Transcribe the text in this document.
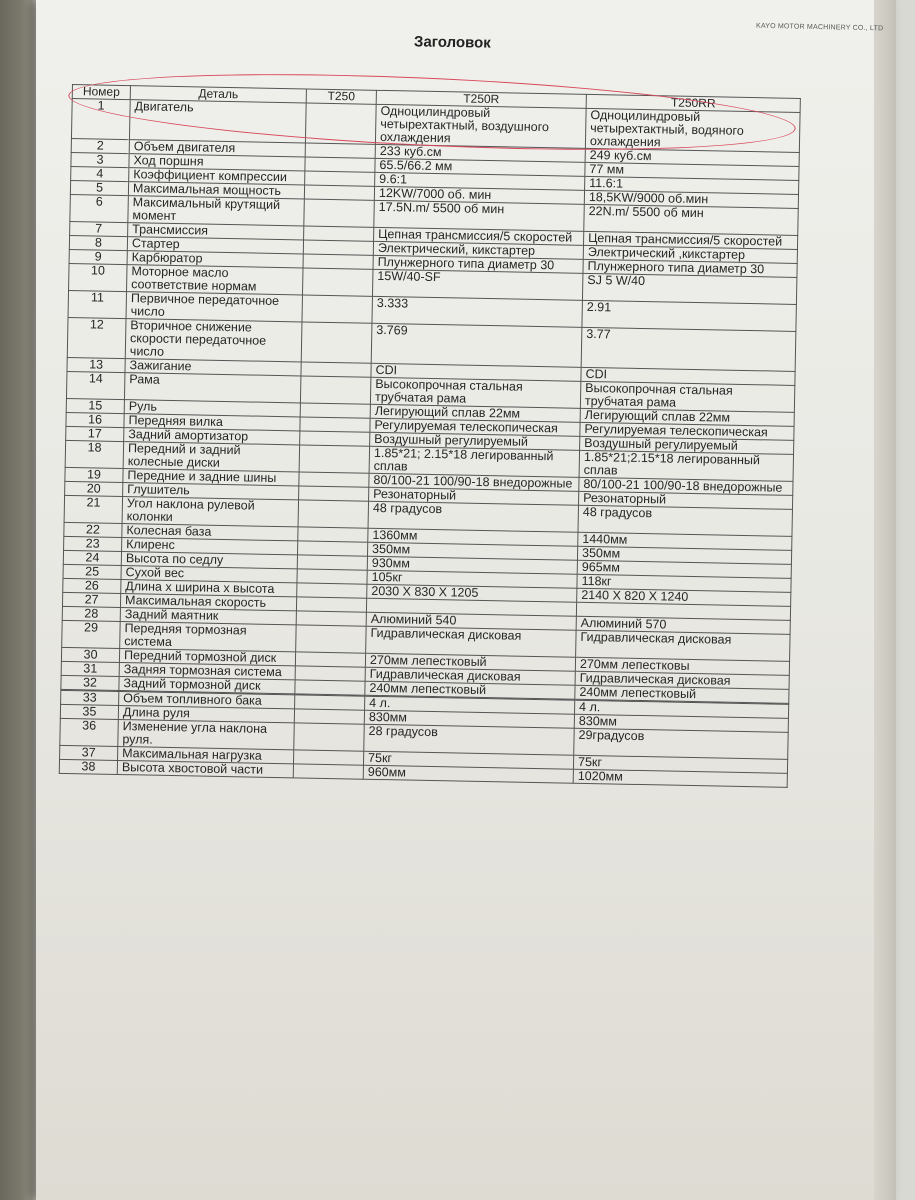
KAYO MOTOR MACHINERY CO., LTD
Заголовок
Номер	Деталь	T250	T250R	T250RR
1	Двигатель		Одноцилиндровый четырехтактный, воздушного охлаждения	Одноцилиндровый четырехтактный, водяного охлаждения
2	Объем двигателя		233 куб.см	249 куб.см
3	Ход поршня		65.5/66.2 мм	77 мм
4	Коэффициент компрессии		9.6:1	11.6:1
5	Максимальная мощность		12KW/7000 об. мин	18,5KW/9000 об.мин
6	Максимальный крутящий момент		17.5N.m/ 5500 об мин	22N.m/ 5500 об мин
7	Трансмиссия		Цепная трансмиссия/5 скоростей	Цепная трансмиссия/5 скоростей
8	Стартер		Электрический, кикстартер	Электрический ,кикстартер
9	Карбюратор		Плунжерного типа диаметр 30	Плунжерного типа диаметр 30
10	Моторное масло соответствие нормам		15W/40-SF	SJ 5 W/40
11	Первичное передаточное число		3.333	2.91
12	Вторичное снижение скорости передаточное число		3.769	3.77
13	Зажигание		CDI	CDI
14	Рама		Высокопрочная стальная трубчатая рама	Высокопрочная стальная трубчатая рама
15	Руль		Легирующий сплав 22мм	Легирующий сплав 22мм
16	Передняя вилка		Регулируемая телескопическая	Регулируемая телескопическая
17	Задний амортизатор		Воздушный регулируемый	Воздушный регулируемый
18	Передний и задний колесные диски		1.85*21; 2.15*18 легированный сплав	1.85*21;2.15*18 легированный сплав
19	Передние и задние шины		80/100-21 100/90-18 внедорожные	80/100-21 100/90-18 внедорожные
20	Глушитель		Резонаторный	Резонаторный
21	Угол наклона рулевой колонки		48 градусов	48 градусов
22	Колесная база		1360мм	1440мм
23	Клиренс		350мм	350мм
24	Высота по седлу		930мм	965мм
25	Сухой вес		105кг	118кг
26	Длина х ширина х высота		2030 X 830 X 1205	2140 X 820 X 1240
27	Максимальная скорость			
28	Задний маятник		Алюминий 540	Алюминий 570
29	Передняя тормозная система		Гидравлическая дисковая	Гидравлическая дисковая
30	Передний тормозной диск		270мм лепестковый	270мм лепестковы
31	Задняя тормозная система		Гидравлическая дисковая	Гидравлическая дисковая
32	Задний тормозной диск		240мм лепестковый	240мм лепестковый

33	Объем топливного бака		4 л.	4 л.
35	Длина руля		830мм	830мм
36	Изменение угла наклона руля.		28 градусов	29градусов
37	Максимальная нагрузка		75кг	75кг
38	Высота хвостовой части		960мм	1020мм
